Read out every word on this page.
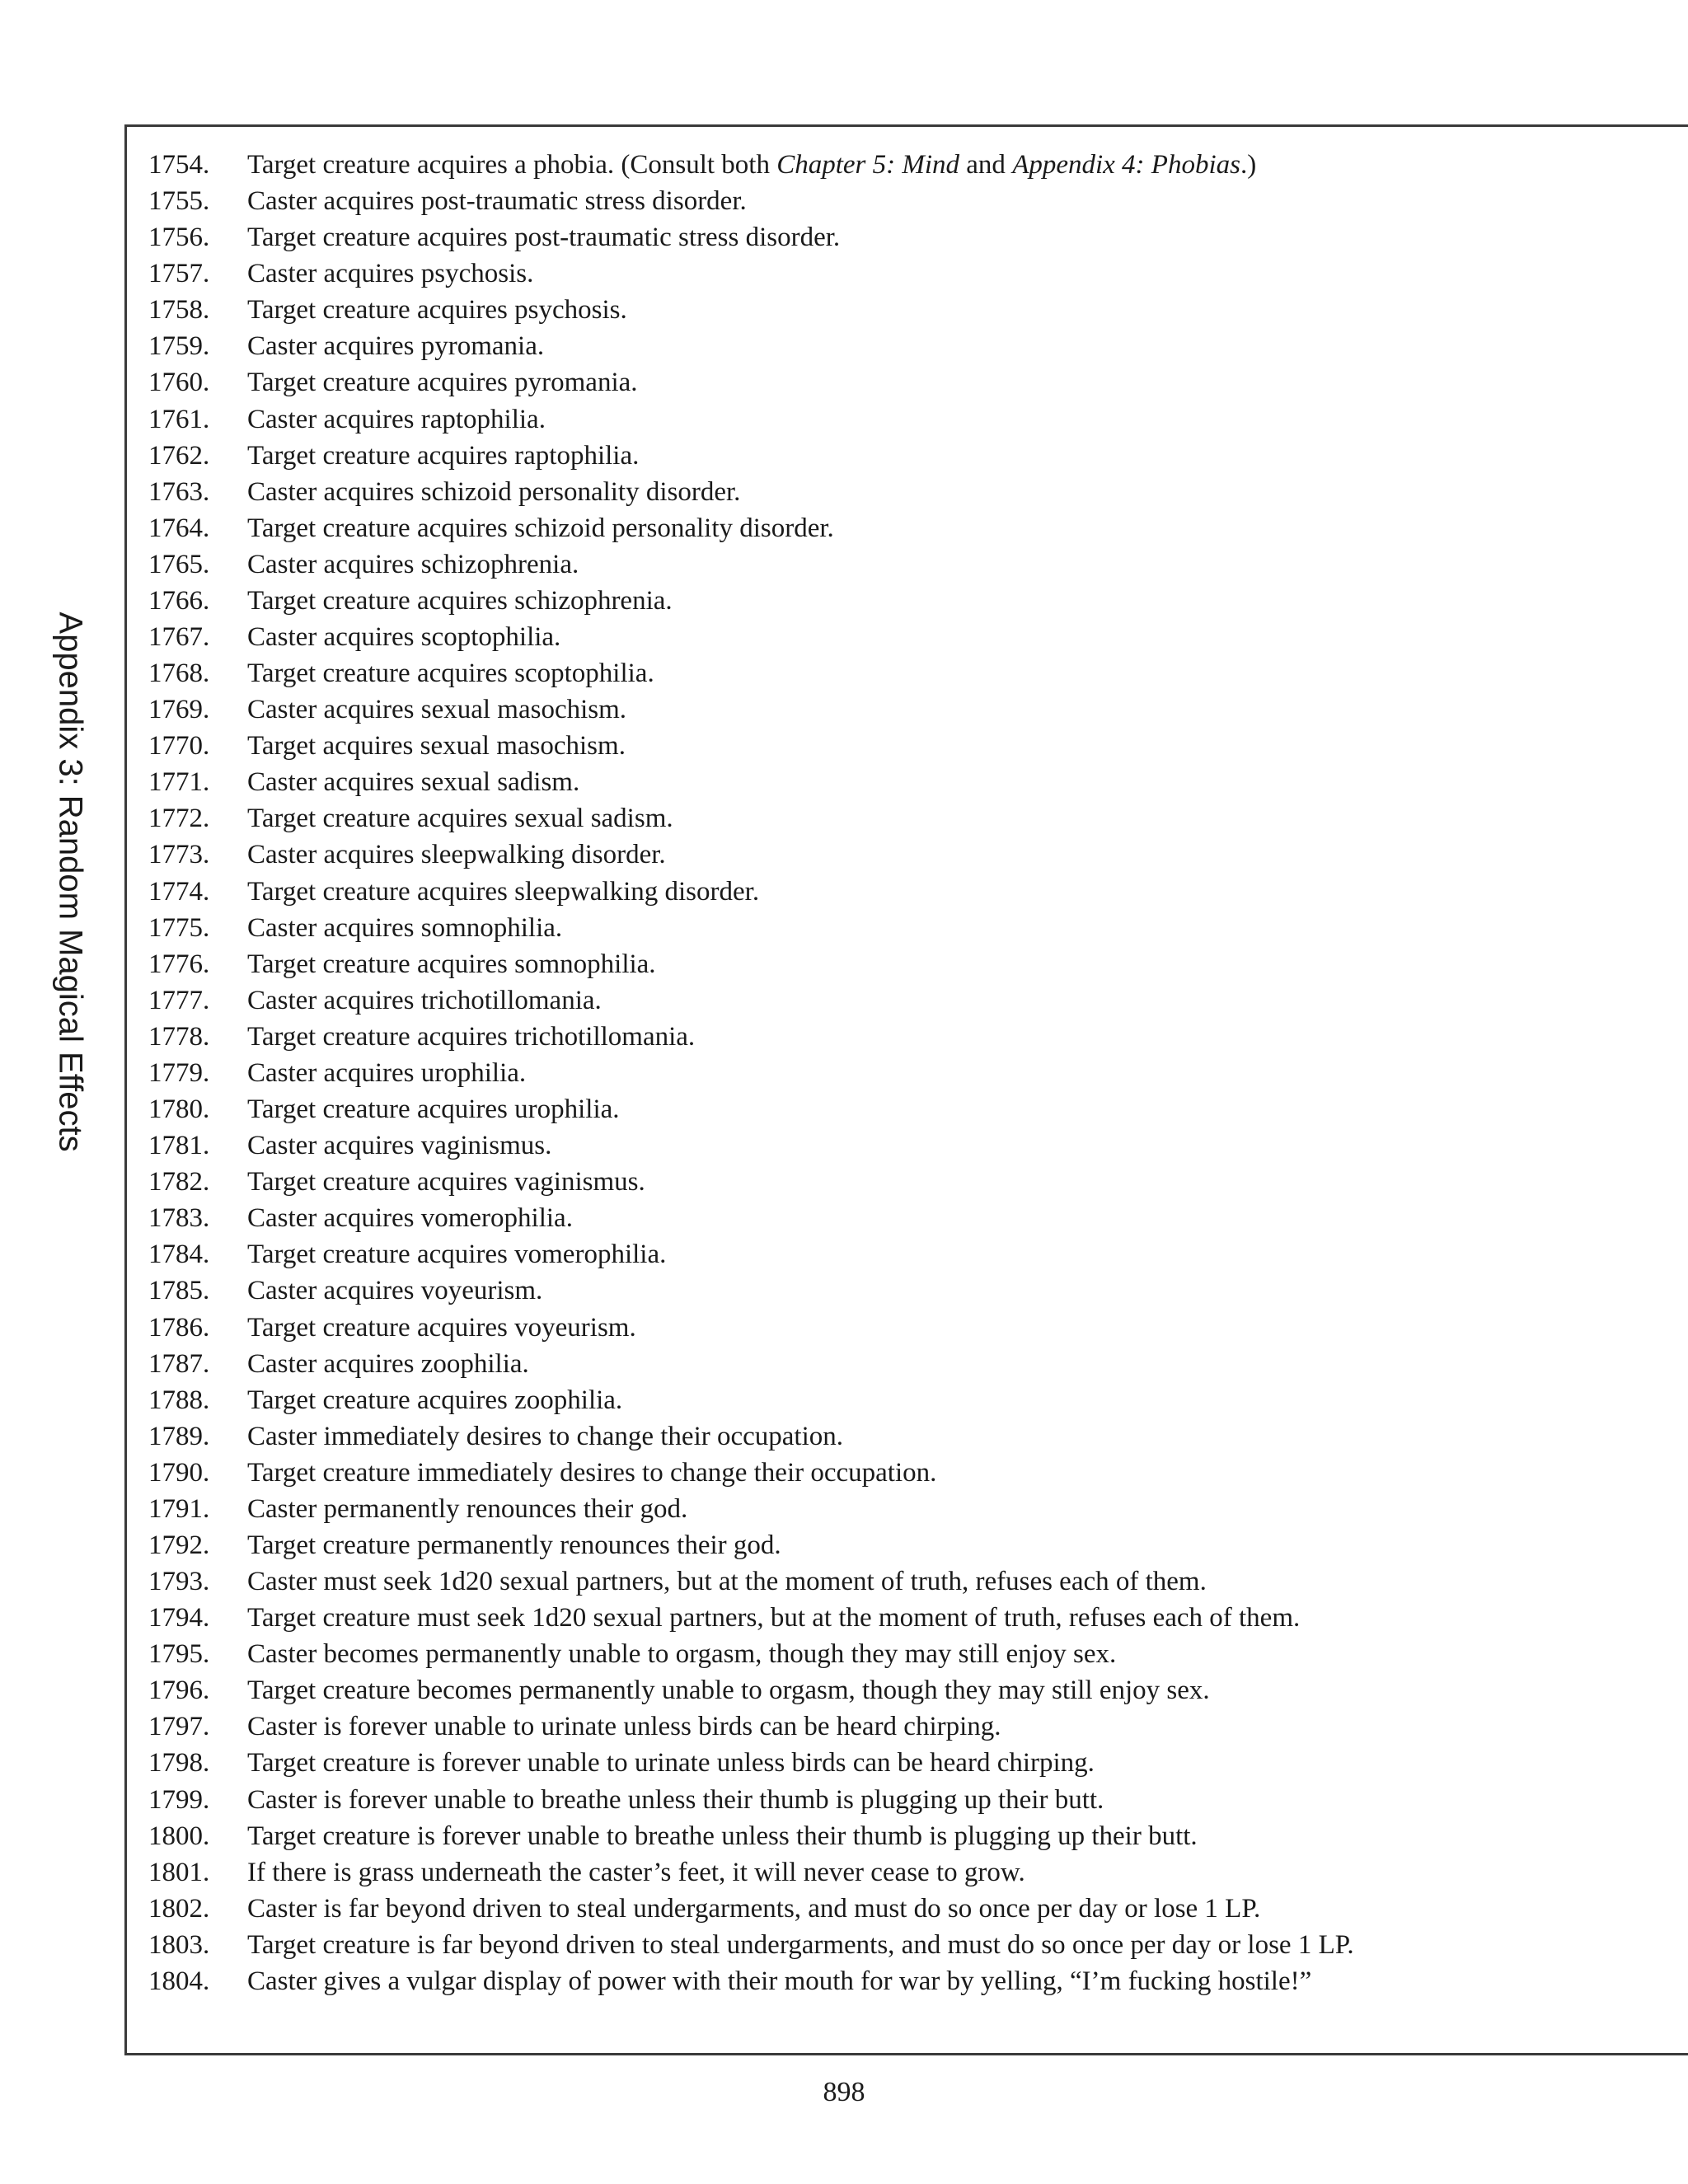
Appendix 3: Random Magical Effects
1754.	Target creature acquires a phobia. (Consult both Chapter 5: Mind and Appendix 4: Phobias.)
1755.	Caster acquires post-traumatic stress disorder.
1756.	Target creature acquires post-traumatic stress disorder.
1757.	Caster acquires psychosis.
1758.	Target creature acquires psychosis.
1759.	Caster acquires pyromania.
1760.	Target creature acquires pyromania.
1761.	Caster acquires raptophilia.
1762.	Target creature acquires raptophilia.
1763.	Caster acquires schizoid personality disorder.
1764.	Target creature acquires schizoid personality disorder.
1765.	Caster acquires schizophrenia.
1766.	Target creature acquires schizophrenia.
1767.	Caster acquires scoptophilia.
1768.	Target creature acquires scoptophilia.
1769.	Caster acquires sexual masochism.
1770.	Target acquires sexual masochism.
1771.	Caster acquires sexual sadism.
1772.	Target creature acquires sexual sadism.
1773.	Caster acquires sleepwalking disorder.
1774.	Target creature acquires sleepwalking disorder.
1775.	Caster acquires somnophilia.
1776.	Target creature acquires somnophilia.
1777.	Caster acquires trichotillomania.
1778.	Target creature acquires trichotillomania.
1779.	Caster acquires urophilia.
1780.	Target creature acquires urophilia.
1781.	Caster acquires vaginismus.
1782.	Target creature acquires vaginismus.
1783.	Caster acquires vomerophilia.
1784.	Target creature acquires vomerophilia.
1785.	Caster acquires voyeurism.
1786.	Target creature acquires voyeurism.
1787.	Caster acquires zoophilia.
1788.	Target creature acquires zoophilia.
1789.	Caster immediately desires to change their occupation.
1790.	Target creature immediately desires to change their occupation.
1791.	Caster permanently renounces their god.
1792.	Target creature permanently renounces their god.
1793.	Caster must seek 1d20 sexual partners, but at the moment of truth, refuses each of them.
1794.	Target creature must seek 1d20 sexual partners, but at the moment of truth, refuses each of them.
1795.	Caster becomes permanently unable to orgasm, though they may still enjoy sex.
1796.	Target creature becomes permanently unable to orgasm, though they may still enjoy sex.
1797.	Caster is forever unable to urinate unless birds can be heard chirping.
1798.	Target creature is forever unable to urinate unless birds can be heard chirping.
1799.	Caster is forever unable to breathe unless their thumb is plugging up their butt.
1800.	Target creature is forever unable to breathe unless their thumb is plugging up their butt.
1801.	If there is grass underneath the caster’s feet, it will never cease to grow.
1802.	Caster is far beyond driven to steal undergarments, and must do so once per day or lose 1 LP.
1803.	Target creature is far beyond driven to steal undergarments, and must do so once per day or lose 1 LP.
1804.	Caster gives a vulgar display of power with their mouth for war by yelling, “I’m fucking hostile!”
898
